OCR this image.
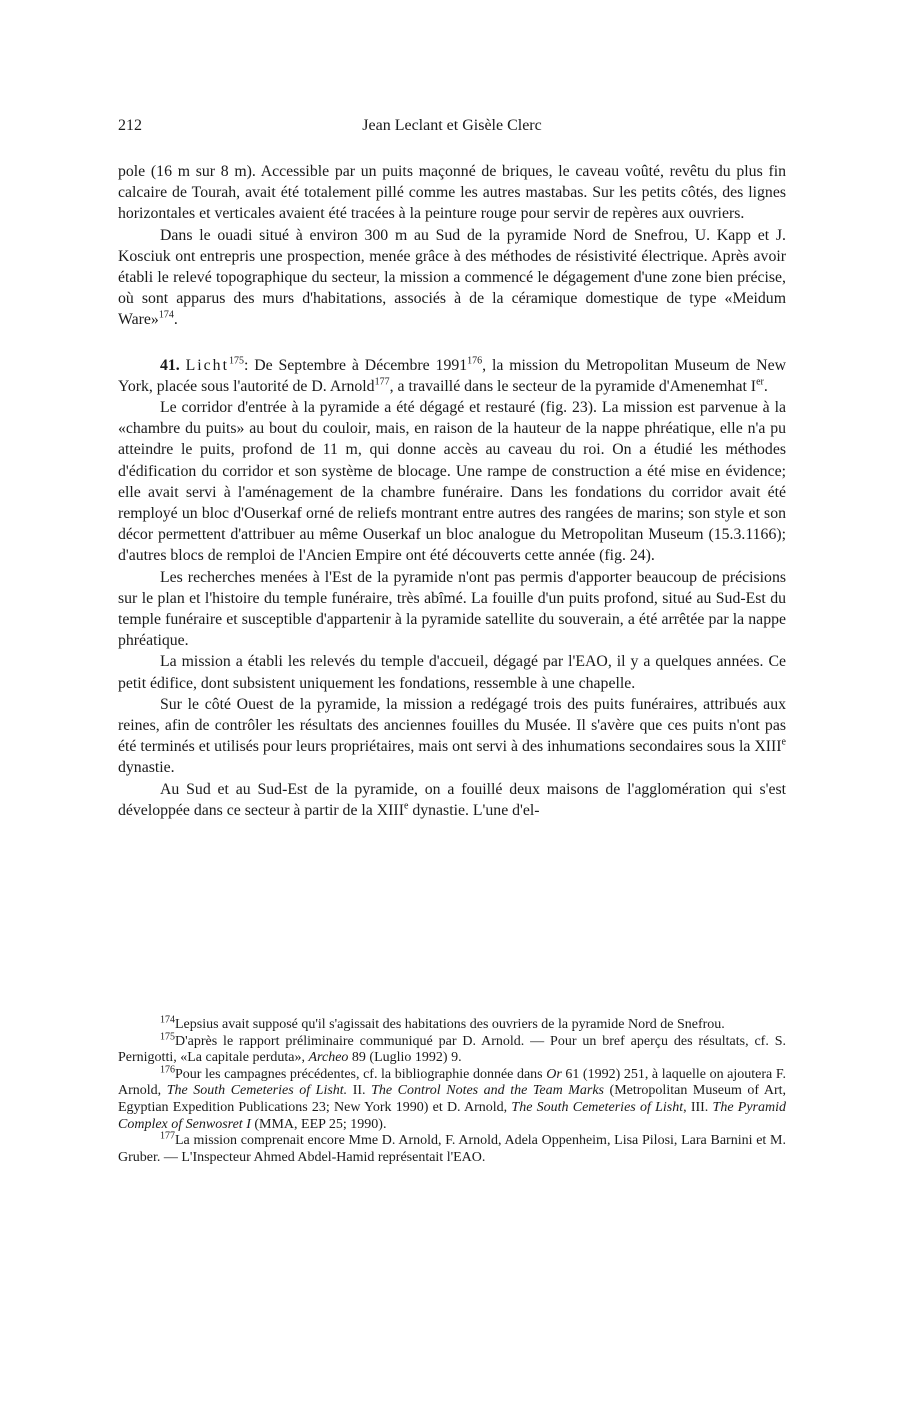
212	Jean Leclant et Gisèle Clerc

pole (16 m sur 8 m). Accessible par un puits maçonné de briques, le caveau voûté, revêtu du plus fin calcaire de Tourah, avait été totalement pillé comme les autres mastabas. Sur les petits côtés, des lignes horizontales et verticales avaient été tracées à la peinture rouge pour servir de repères aux ouvriers.

Dans le ouadi situé à environ 300 m au Sud de la pyramide Nord de Snefrou, U. Kapp et J. Kosciuk ont entrepris une prospection, menée grâce à des méthodes de résistivité électrique. Après avoir établi le relevé topographique du secteur, la mission a commencé le dégagement d'une zone bien précise, où sont apparus des murs d'habitations, associés à de la céramique domestique de type «Meidum Ware»$^{174}$.

41. Licht$^{175}$: De Septembre à Décembre 1991$^{176}$, la mission du Metropolitan Museum de New York, placée sous l'autorité de D. Arnold$^{177}$, a travaillé dans le secteur de la pyramide d'Amenemhat Ier.

Le corridor d'entrée à la pyramide a été dégagé et restauré (fig. 23). La mission est parvenue à la «chambre du puits» au bout du couloir, mais, en raison de la hauteur de la nappe phréatique, elle n'a pu atteindre le puits, profond de 11 m, qui donne accès au caveau du roi. On a étudié les méthodes d'édification du corridor et son système de blocage. Une rampe de construction a été mise en évidence; elle avait servi à l'aménagement de la chambre funéraire. Dans les fondations du corridor avait été remployé un bloc d'Ouserkaf orné de reliefs montrant entre autres des rangées de marins; son style et son décor permettent d'attribuer au même Ouserkaf un bloc analogue du Metropolitan Museum (15.3.1166); d'autres blocs de remploi de l'Ancien Empire ont été découverts cette année (fig. 24).

Les recherches menées à l'Est de la pyramide n'ont pas permis d'apporter beaucoup de précisions sur le plan et l'histoire du temple funéraire, très abîmé. La fouille d'un puits profond, situé au Sud-Est du temple funéraire et susceptible d'appartenir à la pyramide satellite du souverain, a été arrêtée par la nappe phréatique.

La mission a établi les relevés du temple d'accueil, dégagé par l'EAO, il y a quelques années. Ce petit édifice, dont subsistent uniquement les fondations, ressemble à une chapelle.

Sur le côté Ouest de la pyramide, la mission a redégagé trois des puits funéraires, attribués aux reines, afin de contrôler les résultats des anciennes fouilles du Musée. Il s'avère que ces puits n'ont pas été terminés et utilisés pour leurs propriétaires, mais ont servi à des inhumations secondaires sous la XIIIe dynastie.

Au Sud et au Sud-Est de la pyramide, on a fouillé deux maisons de l'agglomération qui s'est développée dans ce secteur à partir de la XIIIe dynastie. L'une d'el-

$^{174}$Lepsius avait supposé qu'il s'agissait des habitations des ouvriers de la pyramide Nord de Snefrou.

$^{175}$D'après le rapport préliminaire communiqué par D. Arnold. — Pour un bref aperçu des résultats, cf. S. Pernigotti, «La capitale perduta», Archeo 89 (Luglio 1992) 9.

$^{176}$Pour les campagnes précédentes, cf. la bibliographie donnée dans Or 61 (1992) 251, à laquelle on ajoutera F. Arnold, The South Cemeteries of Lisht. II. The Control Notes and the Team Marks (Metropolitan Museum of Art, Egyptian Expedition Publications 23; New York 1990) et D. Arnold, The South Cemeteries of Lisht, III. The Pyramid Complex of Senwosret I (MMA, EEP 25; 1990).

$^{177}$La mission comprenait encore Mme D. Arnold, F. Arnold, Adela Oppenheim, Lisa Pilosi, Lara Barnini et M. Gruber. — L'Inspecteur Ahmed Abdel-Hamid représentait l'EAO.
